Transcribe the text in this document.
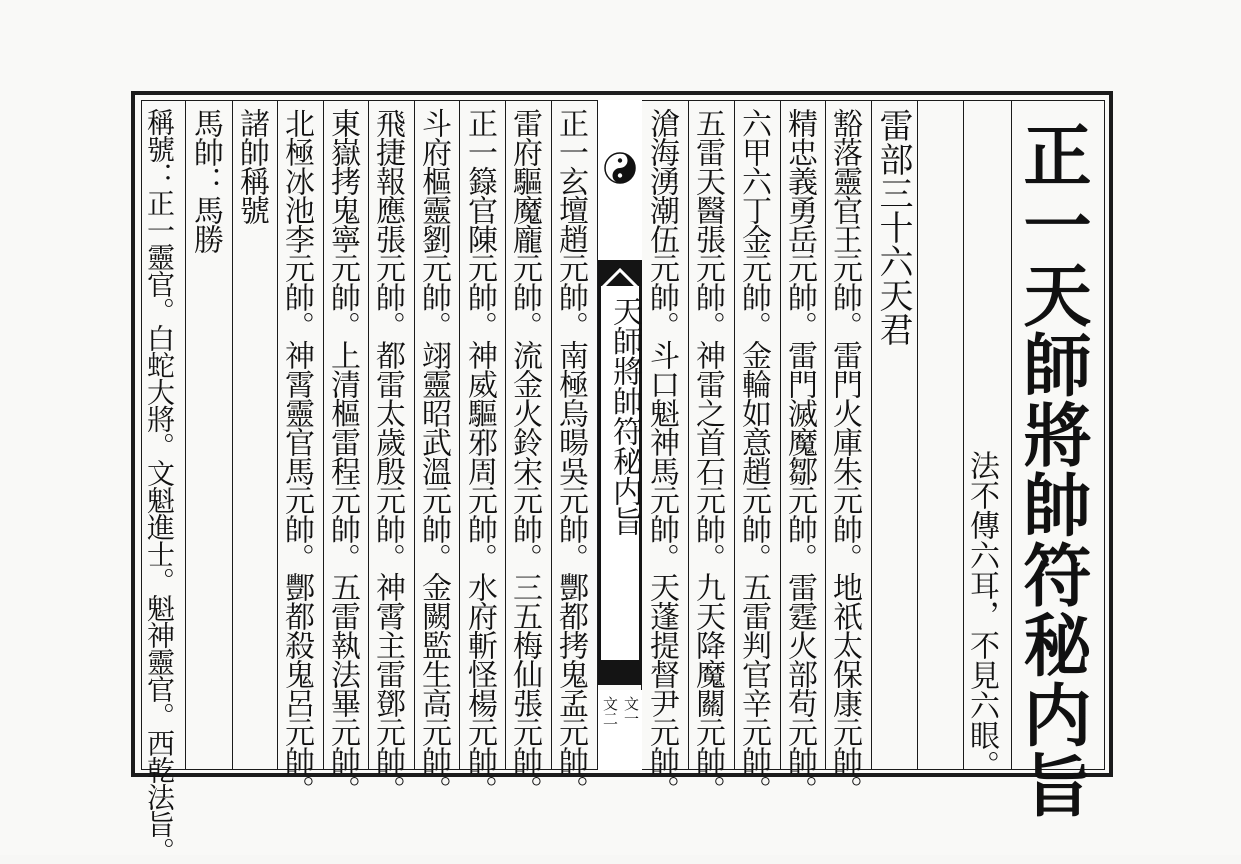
正一天師將帥符秘内旨
法不傳六耳，不見六眼。
雷部三十六天君
豁落靈官王元帥。雷門火庫朱元帥。地祇太保康元帥。
精忠義勇岳元帥。雷門滅魔鄒元帥。雷霆火部苟元帥。
六甲六丁金元帥。金輪如意趙元帥。五雷判官辛元帥。
五雷天醫張元帥。神雷之首石元帥。九天降魔關元帥。
滄海湧潮伍元帥。斗口魁神馬元帥。天蓬提督尹元帥。
天師將帥符秘内旨
文二 文一
正一玄壇趙元帥。南極烏暘吳元帥。酆都拷鬼孟元帥。
雷府驅魔龐元帥。流金火鈴宋元帥。三五梅仙張元帥。
正一籙官陳元帥。神威驅邪周元帥。水府斬怪楊元帥。
斗府樞靈劉元帥。翊靈昭武溫元帥。金闕監生高元帥。
飛捷報應張元帥。都雷太歲殷元帥。神霄主雷鄧元帥。
東嶽拷鬼寧元帥。上清樞雷程元帥。五雷執法畢元帥。
北極冰池李元帥。神霄靈官馬元帥。酆都殺鬼呂元帥。
諸帥稱號
馬帥：馬勝
稱號：正一靈官。白蛇大將。文魁進士。魁神靈官。西乾法旨。
